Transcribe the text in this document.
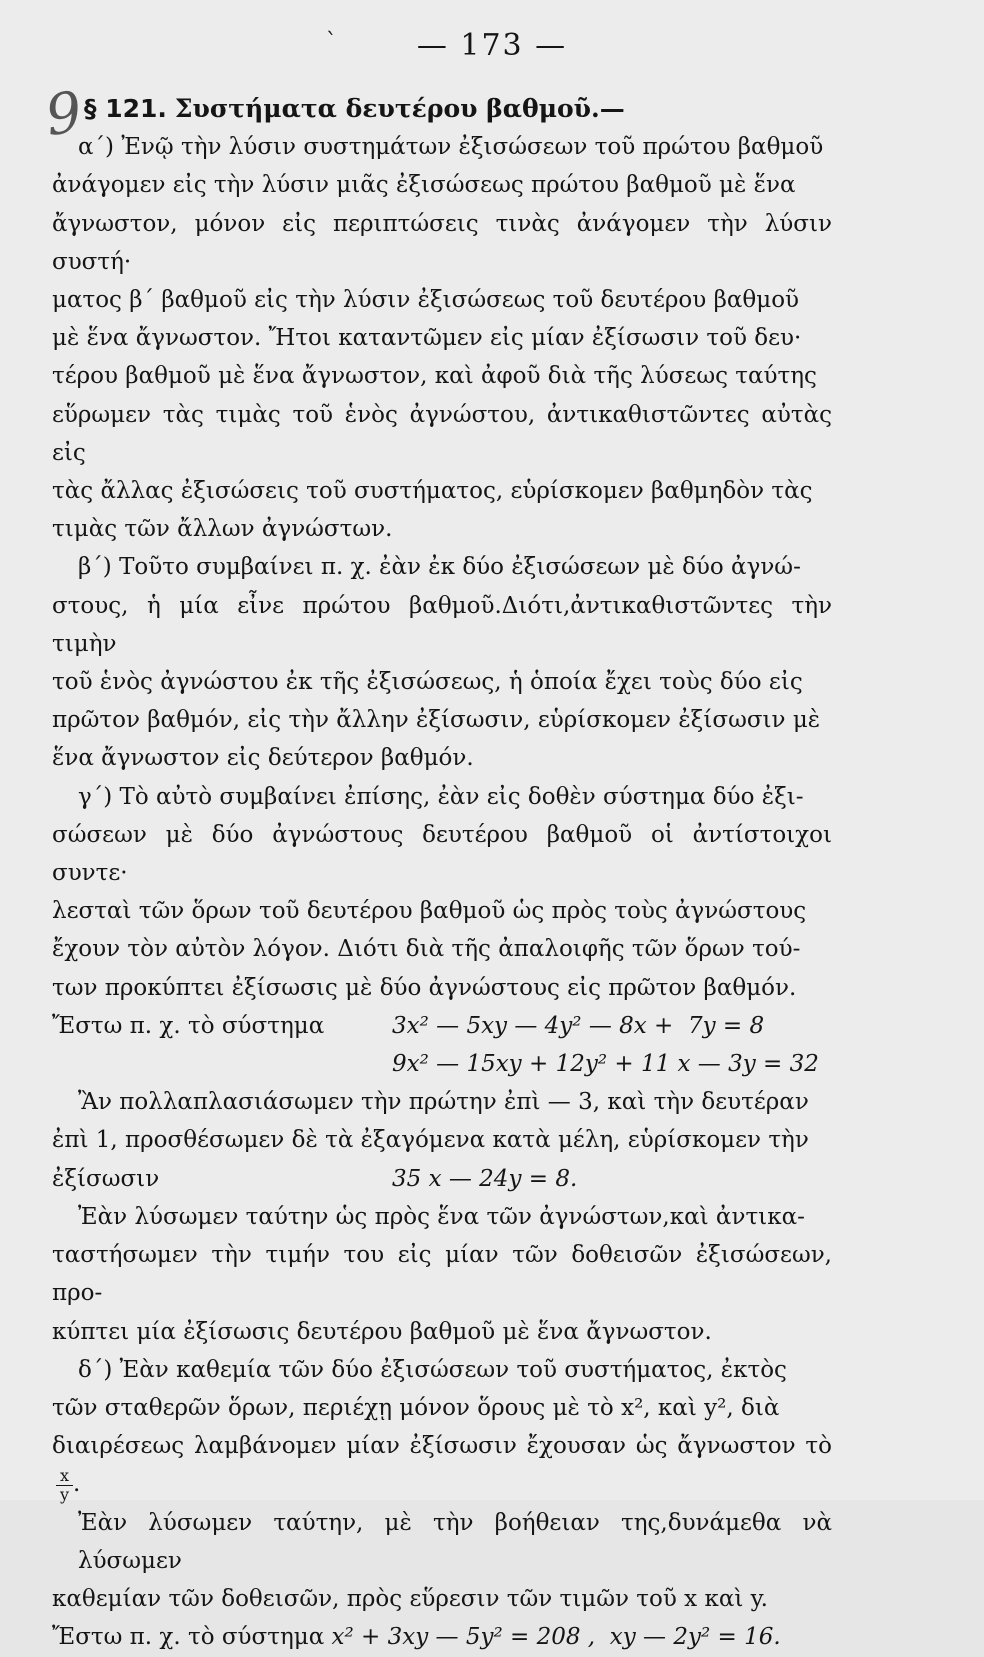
`	— 173 —
9
§ 121. Συστήματα δευτέρου βαθμοῦ.—
α΄) Ἐνῷ τὴν λύσιν συστημάτων ἐξισώσεων τοῦ πρώτου βαθμοῦ
ἀνάγομεν εἰς τὴν λύσιν μιᾶς ἐξισώσεως πρώτου βαθμοῦ μὲ ἕνα
ἄγνωστον, μόνον εἰς περιπτώσεις τινὰς ἀνάγομεν τὴν λύσιν συστή·
ματος β΄ βαθμοῦ εἰς τὴν λύσιν ἐξισώσεως τοῦ δευτέρου βαθμοῦ
μὲ ἕνα ἄγνωστον. Ἤτοι καταντῶμεν εἰς μίαν ἐξίσωσιν τοῦ δευ·
τέρου βαθμοῦ μὲ ἕνα ἄγνωστον, καὶ ἀφοῦ διὰ τῆς λύσεως ταύτης
εὕρωμεν τὰς τιμὰς τοῦ ἑνὸς ἀγνώστου, ἀντικαθιστῶντες αὐτὰς εἰς
τὰς ἄλλας ἐξισώσεις τοῦ συστήματος, εὑρίσκομεν βαθμηδὸν τὰς
τιμὰς τῶν ἄλλων ἀγνώστων.
β΄) Τοῦτο συμβαίνει π. χ. ἐὰν ἐκ δύο ἐξισώσεων μὲ δύο ἀγνώ-
στους, ἡ μία εἶνε πρώτου βαθμοῦ.Διότι,ἀντικαθιστῶντες τὴν τιμὴν
τοῦ ἑνὸς ἀγνώστου ἐκ τῆς ἐξισώσεως, ἡ ὁποία ἔχει τοὺς δύο εἰς
πρῶτον βαθμόν, εἰς τὴν ἄλλην ἐξίσωσιν, εὑρίσκομεν ἐξίσωσιν μὲ
ἕνα ἄγνωστον εἰς δεύτερον βαθμόν.
γ΄) Τὸ αὐτὸ συμβαίνει ἐπίσης, ἐὰν εἰς δοθὲν σύστημα δύο ἐξι-
σώσεων μὲ δύο ἀγνώστους δευτέρου βαθμοῦ οἱ ἀντίστοιχοι συντε·
λεσταὶ τῶν ὅρων τοῦ δευτέρου βαθμοῦ ὡς πρὸς τοὺς ἀγνώστους
ἔχουν τὸν αὐτὸν λόγον. Διότι διὰ τῆς ἀπαλοιφῆς τῶν ὅρων τού-
των προκύπτει ἐξίσωσις μὲ δύο ἀγνώστους εἰς πρῶτον βαθμόν.
Ἔστω π. χ. τὸ σύστημα	3x² — 5xy — 4y² — 8x +  7y = 8
9x² — 15xy + 12y² + 11 x — 3y = 32
Ἂν πολλαπλασιάσωμεν τὴν πρώτην ἐπὶ — 3, καὶ τὴν δευτέραν
ἐπὶ 1, προσθέσωμεν δὲ τὰ ἐξαγόμενα κατὰ μέλη, εὑρίσκομεν τὴν
ἐξίσωσιν	35 x — 24y = 8.
Ἐὰν λύσωμεν ταύτην ὡς πρὸς ἕνα τῶν ἀγνώστων,καὶ ἀντικα-
ταστήσωμεν τὴν τιμήν του εἰς μίαν τῶν δοθεισῶν ἐξισώσεων, προ-
κύπτει μία ἐξίσωσις δευτέρου βαθμοῦ μὲ ἕνα ἄγνωστον.
δ΄) Ἐὰν καθεμία τῶν δύο ἐξισώσεων τοῦ συστήματος, ἐκτὸς
τῶν σταθερῶν ὅρων, περιέχῃ μόνον ὅρους μὲ τὸ x², καὶ y², διὰ
διαιρέσεως λαμβάνομεν μίαν ἐξίσωσιν ἔχουσαν ὡς ἄγνωστον τὸ
$\frac{x}{y}$ .
Ἐὰν λύσωμεν ταύτην, μὲ τὴν βοήθειαν της,δυνάμεθα νὰ λύσωμεν
καθεμίαν τῶν δοθεισῶν, πρὸς εὕρεσιν τῶν τιμῶν τοῦ x καὶ y.
Ἔστω π. χ. τὸ σύστημα x² + 3xy — 5y² = 208 ,  xy — 2y² = 16.
